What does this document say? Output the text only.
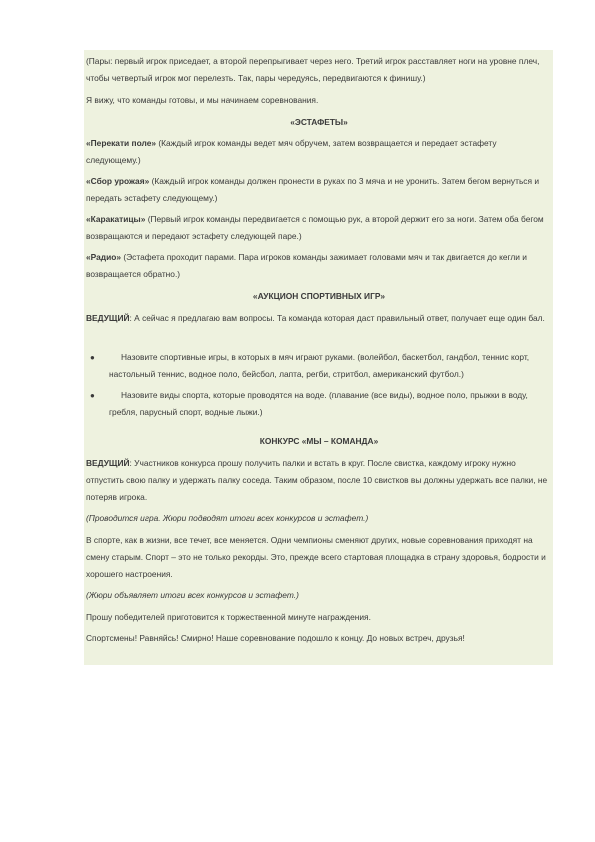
(Пары: первый игрок приседает, а второй перепрыгивает через него. Третий игрок расставляет ноги на уровне плеч, чтобы четвертый игрок мог перелезть. Так, пары чередуясь, передвигаются к финишу.)

Я вижу, что команды готовы, и мы начинаем соревнования.

«ЭСТАФЕТЫ»

«Перекати поле» (Каждый игрок команды ведет мяч обручем, затем возвращается и передает эстафету следующему.)

«Сбор урожая» (Каждый игрок команды должен пронести в руках по 3 мяча и не уронить. Затем бегом вернуться и передать эстафету следующему.)

«Каракатицы» (Первый игрок команды передвигается с помощью рук, а второй держит его за ноги. Затем оба бегом возвращаются и передают эстафету следующей паре.)

«Радио» (Эстафета проходит парами. Пара игроков команды зажимает головами мяч и так двигается до кегли и возвращается обратно.)

«АУКЦИОН СПОРТИВНЫХ ИГР»

ВЕДУЩИЙ: А сейчас я предлагаю вам вопросы. Та команда которая даст правильный ответ, получает еще один бал.

●	Назовите спортивные игры, в которых в мяч играют руками. (волейбол, баскетбол, гандбол, теннис корт, настольный теннис, водное поло, бейсбол, лапта, регби, стритбол, американский футбол.)

●	Назовите виды спорта, которые проводятся на воде. (плавание (все виды), водное поло, прыжки в воду, гребля, парусный спорт, водные лыжи.)

КОНКУРС «МЫ – КОМАНДА»

ВЕДУЩИЙ: Участников конкурса прошу получить палки и встать в круг. После свистка, каждому игроку нужно отпустить свою палку и удержать палку соседа. Таким образом, после 10 свистков вы должны удержать все палки, не потеряв игрока.

(Проводится игра. Жюри подводят итоги всех конкурсов и эстафет.)

В спорте, как в жизни, все течет, все меняется. Одни чемпионы сменяют других, новые соревнования приходят на смену старым. Спорт – это не только рекорды. Это, прежде всего стартовая площадка в страну здоровья, бодрости и хорошего настроения.

(Жюри объявляет итоги всех конкурсов и эстафет.)

Прошу победителей приготовится к торжественной минуте награждения.

Спортсмены! Равняйсь! Смирно! Наше соревнование подошло к концу. До новых встреч, друзья!
